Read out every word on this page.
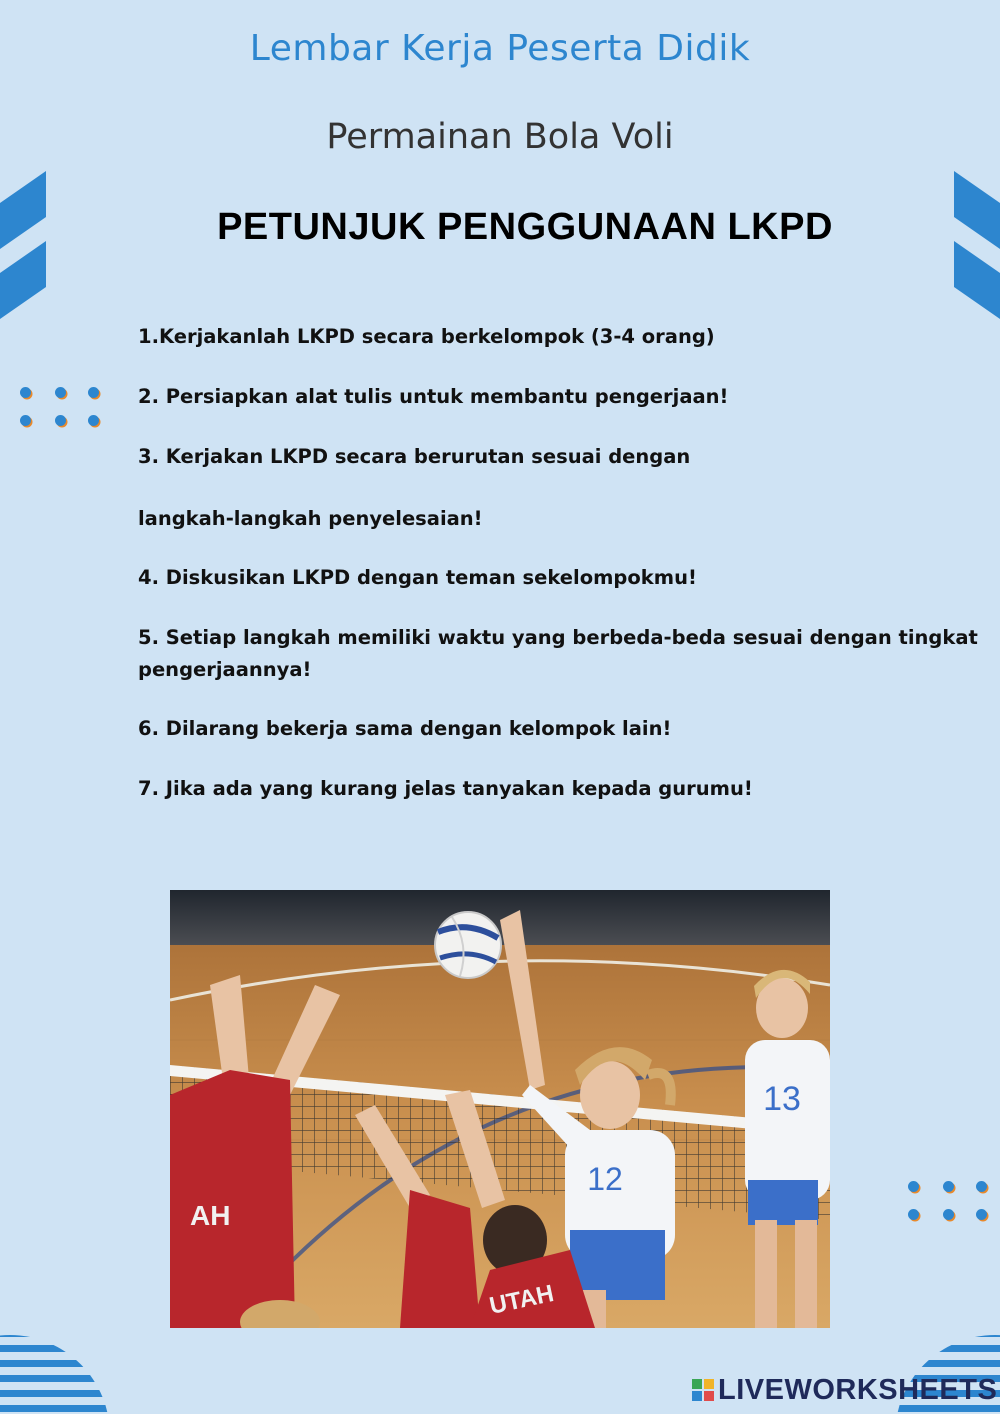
Lembar Kerja Peserta Didik
Permainan Bola Voli
PETUNJUK PENGGUNAAN LKPD
1.Kerjakanlah LKPD secara berkelompok (3-4 orang)
2. Persiapkan alat tulis untuk membantu pengerjaan!
3. Kerjakan LKPD secara berurutan sesuai dengan
langkah-langkah penyelesaian!
4. Diskusikan LKPD dengan teman sekelompokmu!
5. Setiap langkah memiliki waktu yang berbeda-beda sesuai dengan tingkat pengerjaannya!
6. Dilarang bekerja sama dengan kelompok lain!
7. Jika ada yang kurang jelas tanyakan kepada gurumu!
13
12
AH
UTAH
LIVEWORKSHEETS
